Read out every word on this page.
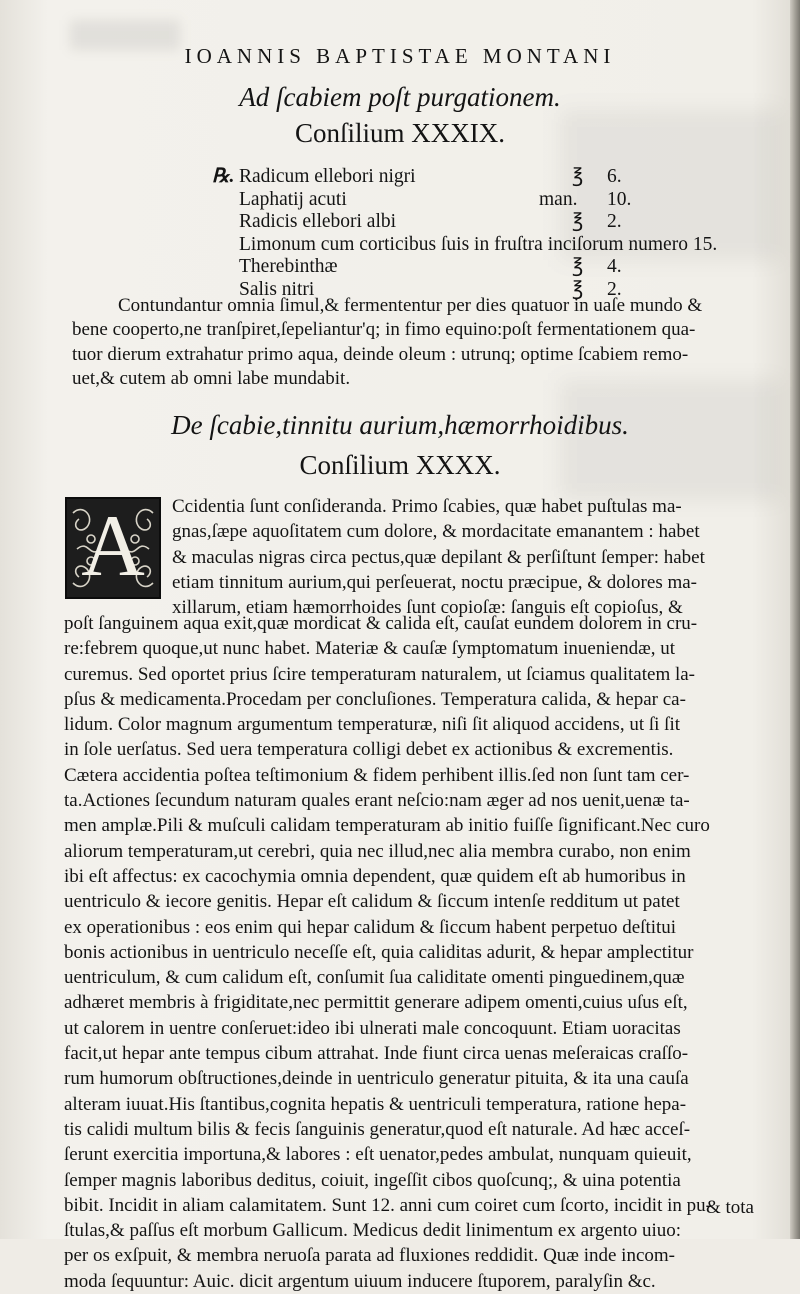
IOANNIS BAPTISTAE MONTANI
Ad ſcabiem poſt purgationem.
Conſilium XXXIX.
℞. Radicum ellebori nigri	℥ 6.
Laphatij acuti	man. 10.
Radicis ellebori albi	℥ 2.
Limonum cum corticibus ſuis in fruſtra inciſorum numero 15.
Therebinthæ	℥ 4.
Salis nitri	℥ 2.
Contundantur omnia ſimul,& fermententur per dies quatuor in uaſe mundo &
bene cooperto,ne tranſpiret,ſepeliantur'q; in fimo equino:poſt fermentationem qua-
tuor dierum extrahatur primo aqua, deinde oleum : utrunq; optime ſcabiem remo-
uet,& cutem ab omni labe mundabit.
De ſcabie,tinnitu aurium,hæmorrhoidibus.
Conſilium XXXX.
A	Ccidentia ſunt conſideranda. Primo ſcabies, quæ habet puſtulas ma-
gnas,ſæpe aquoſitatem cum dolore, & mordacitate emanantem : habet
& maculas nigras circa pectus,quæ depilant & perſiſtunt ſemper: habet
etiam tinnitum aurium,qui perſeuerat, noctu præcipue, & dolores ma-
xillarum, etiam hæmorrhoides ſunt copioſæ: ſanguis eſt copioſus, &
poſt ſanguinem aqua exit,quæ mordicat & calida eſt, cauſat eundem dolorem in cru-
re:febrem quoque,ut nunc habet. Materiæ & cauſæ ſymptomatum inueniendæ, ut
curemus. Sed oportet prius ſcire temperaturam naturalem, ut ſciamus qualitatem la-
pſus & medicamenta.Procedam per concluſiones. Temperatura calida, & hepar ca-
lidum. Color magnum argumentum temperaturæ, niſi ſit aliquod accidens, ut ſi ſit
in ſole uerſatus. Sed uera temperatura colligi debet ex actionibus & excrementis.
Cætera accidentia poſtea teſtimonium & fidem perhibent illis.ſed non ſunt tam cer-
ta.Actiones ſecundum naturam quales erant neſcio:nam æger ad nos uenit,uenæ ta-
men amplæ.Pili & muſculi calidam temperaturam ab initio fuiſſe ſignificant.Nec curo
aliorum temperaturam,ut cerebri, quia nec illud,nec alia membra curabo, non enim
ibi eſt affectus: ex cacochymia omnia dependent, quæ quidem eſt ab humoribus in
uentriculo & iecore genitis. Hepar eſt calidum & ſiccum intenſe redditum ut patet
ex operationibus : eos enim qui hepar calidum & ſiccum habent perpetuo deſtitui
bonis actionibus in uentriculo neceſſe eſt, quia caliditas adurit, & hepar amplectitur
uentriculum, & cum calidum eſt, conſumit ſua caliditate omenti pinguedinem,quæ
adhæret membris à frigiditate,nec permittit generare adipem omenti,cuius uſus eſt,
ut calorem in uentre conſeruet:ideo ibi ulnerati male concoquunt. Etiam uoracitas
facit,ut hepar ante tempus cibum attrahat. Inde fiunt circa uenas meſeraicas craſſo-
rum humorum obſtructiones,deinde in uentriculo generatur pituita, & ita una cauſa
alteram iuuat.His ſtantibus,cognita hepatis & uentriculi temperatura, ratione hepa-
tis calidi multum bilis & fecis ſanguinis generatur,quod eſt naturale. Ad hæc acceſ-
ſerunt exercitia importuna,& labores : eſt uenator,pedes ambulat, nunquam quieuit,
ſemper magnis laboribus deditus, coiuit, ingeſſit cibos quoſcunq;, & uina potentia
bibit. Incidit in aliam calamitatem. Sunt 12. anni cum coiret cum ſcorto, incidit in pu-
ſtulas,& paſſus eſt morbum Gallicum. Medicus dedit linimentum ex argento uiuo:
per os exſpuit, & membra neruoſa parata ad fluxiones reddidit. Quæ inde incom-
moda ſequuntur: Auic. dicit argentum uiuum inducere ſtuporem, paralyſin &c.
& tota
